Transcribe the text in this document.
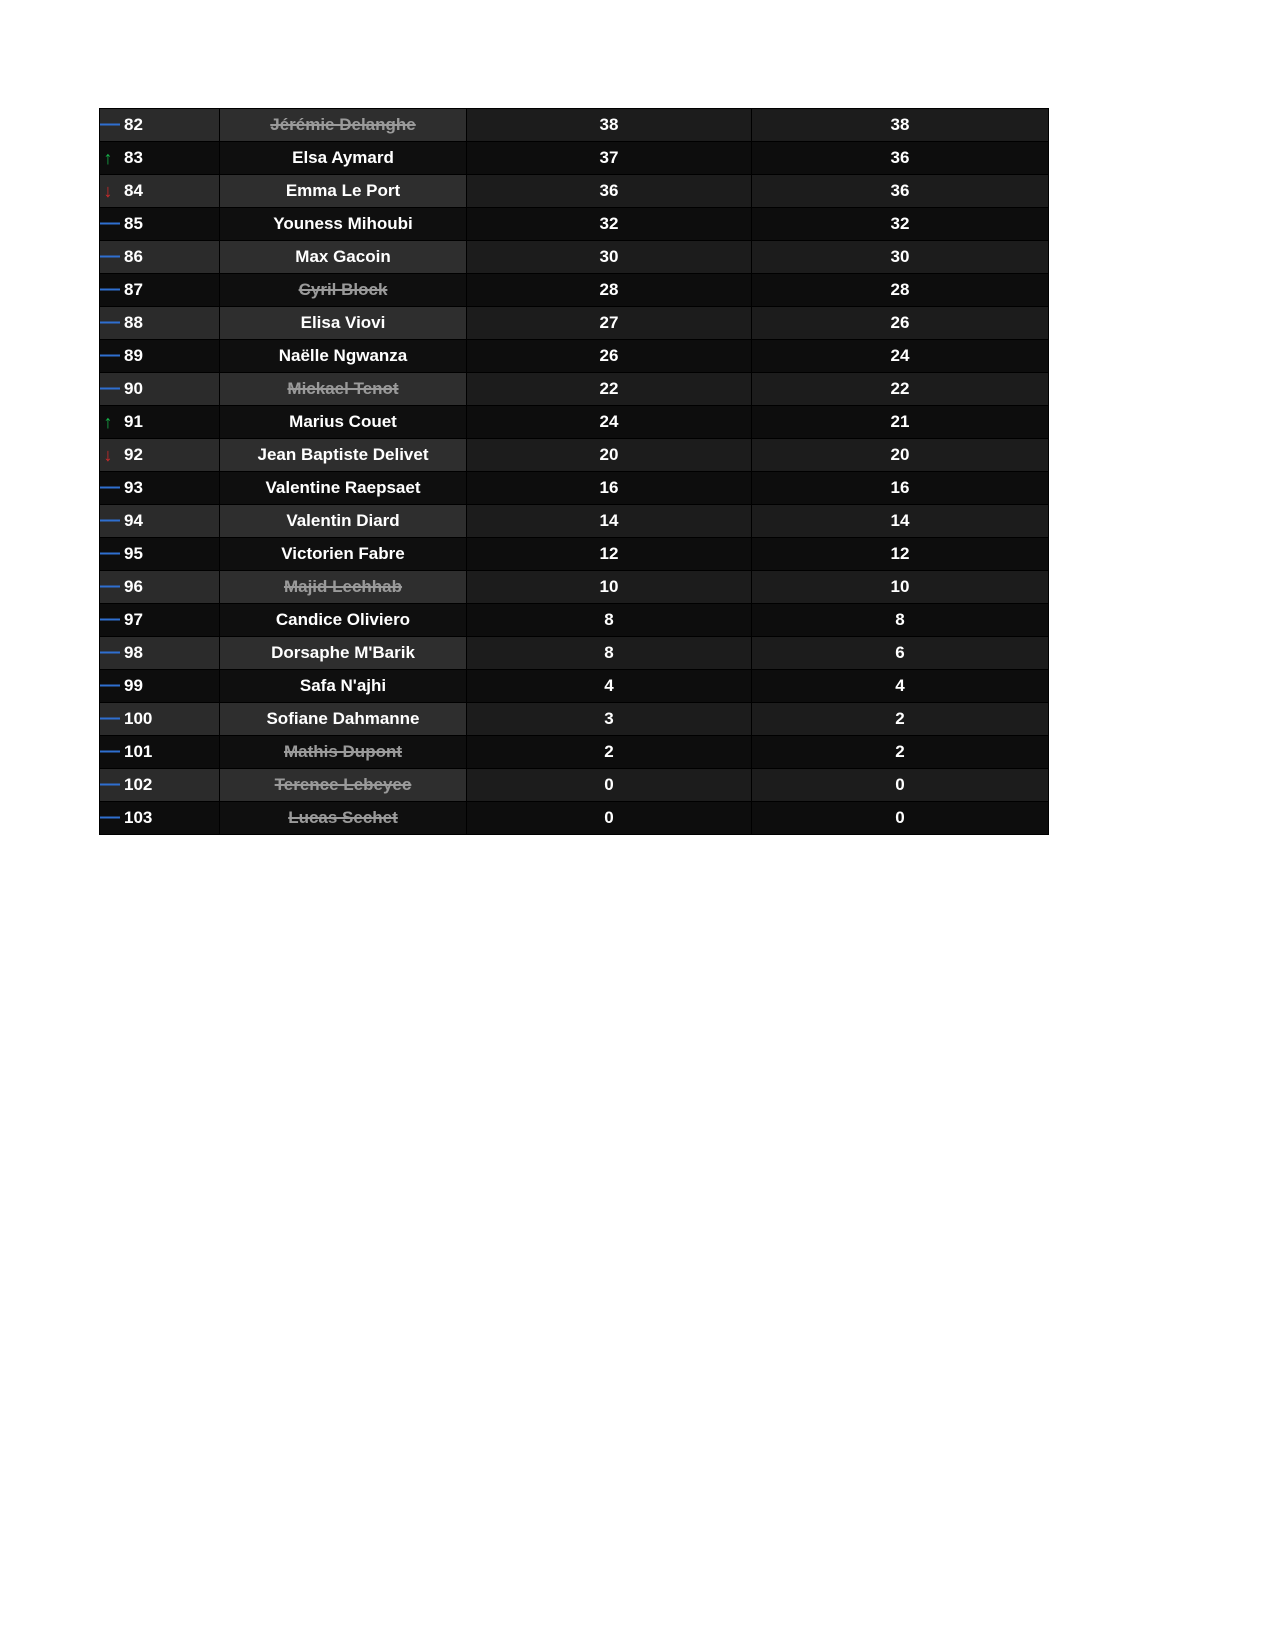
— 82	Jérémie Delanghe	38	38

↑ 83	Elsa Aymard	37	36

↓ 84	Emma Le Port	36	36

— 85	Youness Mihoubi	32	32

— 86	Max Gacoin	30	30

— 87	Cyril Block	28	28

— 88	Elisa Viovi	27	26

— 89	Naëlle Ngwanza	26	24

— 90	Mickael Tenot	22	22

↑ 91	Marius Couet	24	21

↓ 92	Jean Baptiste Delivet	20	20

— 93	Valentine Raepsaet	16	16

— 94	Valentin Diard	14	14

— 95	Victorien Fabre	12	12

— 96	Majid Lechhab	10	10

— 97	Candice Oliviero	8	8

— 98	Dorsaphe M'Barik	8	6

— 99	Safa N'ajhi	4	4

— 100	Sofiane Dahmanne	3	2

— 101	Mathis Dupont	2	2

— 102	Terence Lebeyec	0	0

— 103	Lucas Sechet	0	0
